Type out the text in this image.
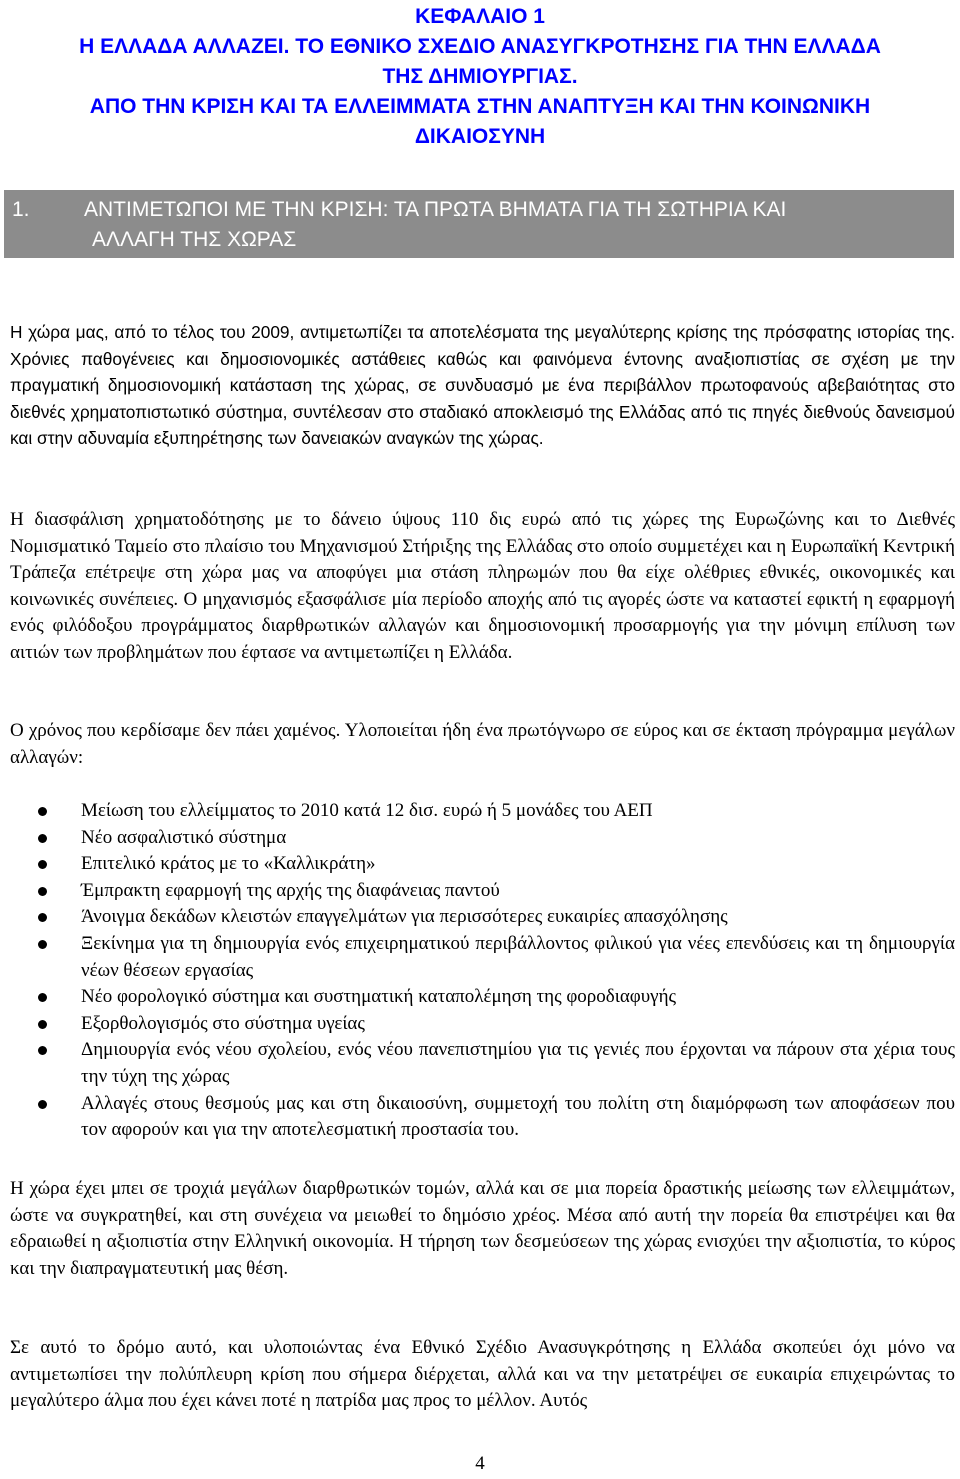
ΚΕΦΑΛΑΙΟ 1
Η ΕΛΛΑΔΑ ΑΛΛΑΖΕΙ. ΤΟ ΕΘΝΙΚΟ ΣΧΕΔΙΟ ΑΝΑΣΥΓΚΡΟΤΗΣΗΣ ΓΙΑ ΤΗΝ ΕΛΛΑΔΑ
ΤΗΣ ΔΗΜΙΟΥΡΓΙΑΣ.
ΑΠΟ ΤΗΝ ΚΡΙΣΗ ΚΑΙ ΤΑ ΕΛΛΕΙΜΜΑΤΑ ΣΤΗΝ ΑΝΑΠΤΥΞΗ ΚΑΙ ΤΗΝ ΚΟΙΝΩΝΙΚΗ
ΔΙΚΑΙΟΣΥΝΗ
1.	ΑΝΤΙΜΕΤΩΠΟΙ ΜΕ ΤΗΝ ΚΡΙΣΗ: ΤΑ ΠΡΩΤΑ ΒΗΜΑΤΑ ΓΙΑ ΤΗ ΣΩΤΗΡΙΑ ΚΑΙ
ΑΛΛΑΓΗ ΤΗΣ ΧΩΡΑΣ

Η χώρα μας, από το τέλος του 2009, αντιμετωπίζει τα αποτελέσματα της μεγαλύτερης κρίσης της πρόσφατης ιστορίας της. Χρόνιες παθογένειες και δημοσιονομικές αστάθειες καθώς και φαινόμενα έντονης αναξιοπιστίας σε σχέση με την πραγματική δημοσιονομική κατάσταση της χώρας, σε συνδυασμό με ένα περιβάλλον πρωτοφανούς αβεβαιότητας στο διεθνές χρηματοπιστωτικό σύστημα, συντέλεσαν στο σταδιακό αποκλεισμό της Ελλάδας από τις πηγές διεθνούς δανεισμού και στην αδυναμία εξυπηρέτησης των δανειακών αναγκών της χώρας.

Η διασφάλιση χρηματοδότησης με το δάνειο ύψους 110 δις ευρώ από τις χώρες της Ευρωζώνης και το Διεθνές Νομισματικό Ταμείο στο πλαίσιο του Μηχανισμού Στήριξης της Ελλάδας στο οποίο συμμετέχει και η Ευρωπαϊκή Κεντρική Τράπεζα επέτρεψε στη χώρα μας να αποφύγει μια στάση πληρωμών που θα είχε ολέθριες εθνικές, οικονομικές και κοινωνικές συνέπειες. Ο μηχανισμός εξασφάλισε μία περίοδο αποχής από τις αγορές ώστε να καταστεί εφικτή η εφαρμογή ενός φιλόδοξου προγράμματος διαρθρωτικών αλλαγών και δημοσιονομική προσαρμογής για την μόνιμη επίλυση των αιτιών των προβλημάτων που έφτασε να αντιμετωπίζει η Ελλάδα.

Ο χρόνος που κερδίσαμε δεν πάει χαμένος. Υλοποιείται ήδη ένα πρωτόγνωρο σε εύρος και σε έκταση πρόγραμμα μεγάλων αλλαγών:

Μείωση του ελλείμματος το 2010 κατά 12 δισ. ευρώ ή 5 μονάδες του ΑΕΠ
Νέο ασφαλιστικό σύστημα
Επιτελικό κράτος με το «Καλλικράτη»
Έμπρακτη εφαρμογή της αρχής της διαφάνειας παντού
Άνοιγμα δεκάδων κλειστών επαγγελμάτων για περισσότερες ευκαιρίες απασχόλησης
Ξεκίνημα για τη δημιουργία ενός επιχειρηματικού περιβάλλοντος φιλικού για νέες επενδύσεις και τη δημιουργία νέων θέσεων εργασίας
Νέο φορολογικό σύστημα και συστηματική καταπολέμηση της φοροδιαφυγής
Εξορθολογισμός στο σύστημα υγείας
Δημιουργία ενός νέου σχολείου, ενός νέου πανεπιστημίου για τις γενιές που έρχονται να πάρουν στα χέρια τους την τύχη της χώρας
Αλλαγές στους θεσμούς μας και στη δικαιοσύνη, συμμετοχή του πολίτη στη διαμόρφωση των αποφάσεων που τον αφορούν και για την αποτελεσματική προστασία του.

Η χώρα έχει μπει σε τροχιά μεγάλων διαρθρωτικών τομών, αλλά και σε μια πορεία δραστικής μείωσης των ελλειμμάτων, ώστε να συγκρατηθεί, και στη συνέχεια να μειωθεί το δημόσιο χρέος. Μέσα από αυτή την πορεία θα επιστρέψει και θα εδραιωθεί η αξιοπιστία στην Ελληνική οικονομία. Η τήρηση των δεσμεύσεων της χώρας ενισχύει την αξιοπιστία, το κύρος και την διαπραγματευτική μας θέση.

Σε αυτό το δρόμο αυτό, και υλοποιώντας ένα Εθνικό Σχέδιο Ανασυγκρότησης η Ελλάδα σκοπεύει όχι μόνο να αντιμετωπίσει την πολύπλευρη κρίση που σήμερα διέρχεται, αλλά και να την μετατρέψει σε ευκαιρία επιχειρώντας το μεγαλύτερο άλμα που έχει κάνει ποτέ η πατρίδα μας προς το μέλλον. Αυτός

4
